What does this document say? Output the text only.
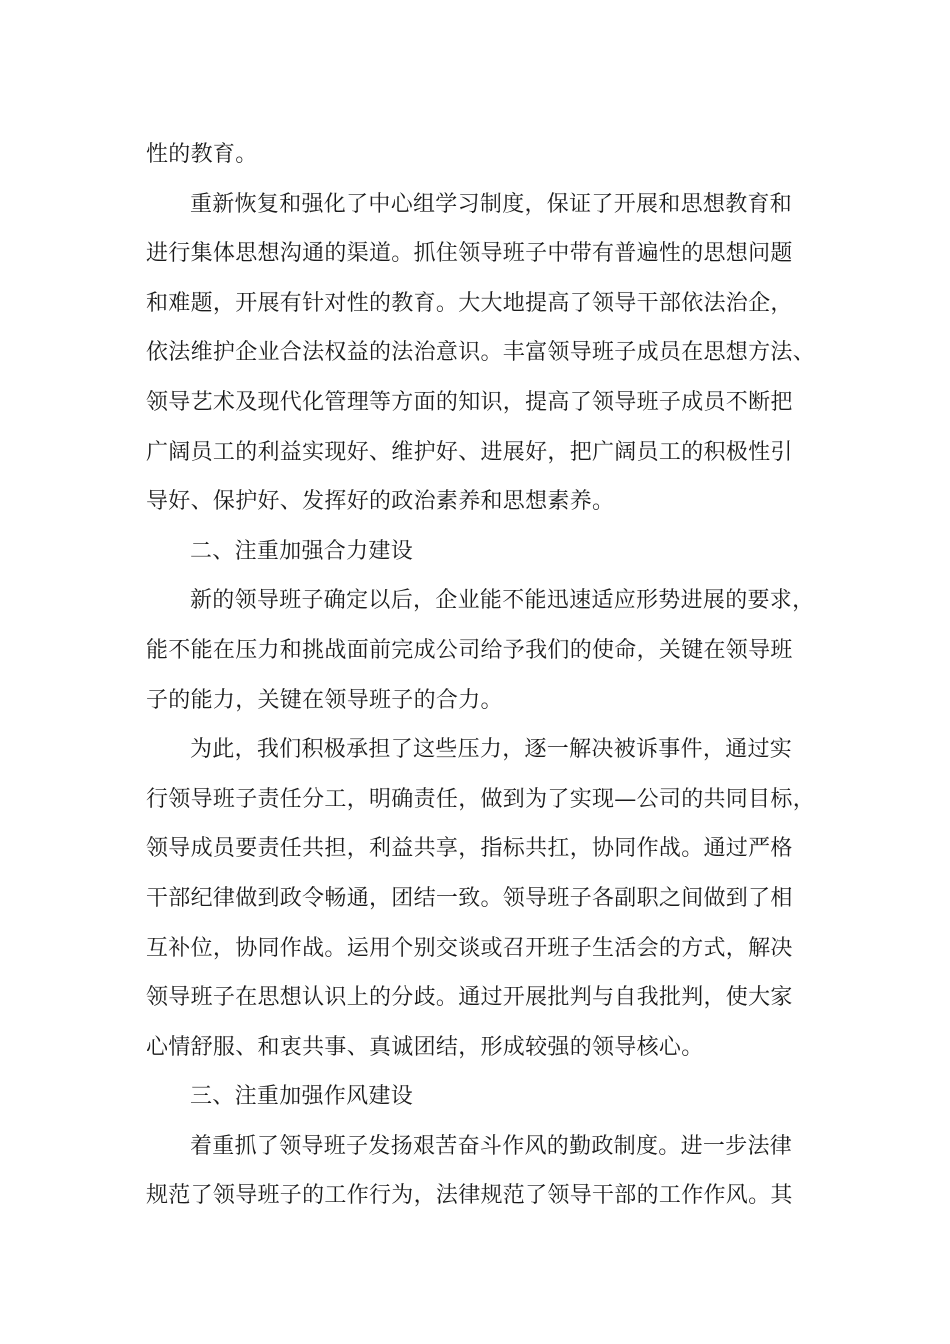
性的教育。
重新恢复和强化了中心组学习制度，保证了开展和思想教育和
进行集体思想沟通的渠道。抓住领导班子中带有普遍性的思想问题
和难题，开展有针对性的教育。大大地提高了领导干部依法治企，
依法维护企业合法权益的法治意识。丰富领导班子成员在思想方法、
领导艺术及现代化管理等方面的知识，提高了领导班子成员不断把
广阔员工的利益实现好、维护好、进展好，把广阔员工的积极性引
导好、保护好、发挥好的政治素养和思想素养。
二、注重加强合力建设
新的领导班子确定以后，企业能不能迅速适应形势进展的要求，
能不能在压力和挑战面前完成公司给予我们的使命，关键在领导班
子的能力，关键在领导班子的合力。
为此，我们积极承担了这些压力，逐一解决被诉事件，通过实
行领导班子责任分工，明确责任，做到为了实现—公司的共同目标，
领导成员要责任共担，利益共享，指标共扛，协同作战。通过严格
干部纪律做到政令畅通，团结一致。领导班子各副职之间做到了相
互补位，协同作战。运用个别交谈或召开班子生活会的方式，解决
领导班子在思想认识上的分歧。通过开展批判与自我批判，使大家
心情舒服、和衷共事、真诚团结，形成较强的领导核心。
三、注重加强作风建设
着重抓了领导班子发扬艰苦奋斗作风的勤政制度。进一步法律
规范了领导班子的工作行为，法律规范了领导干部的工作作风。其
